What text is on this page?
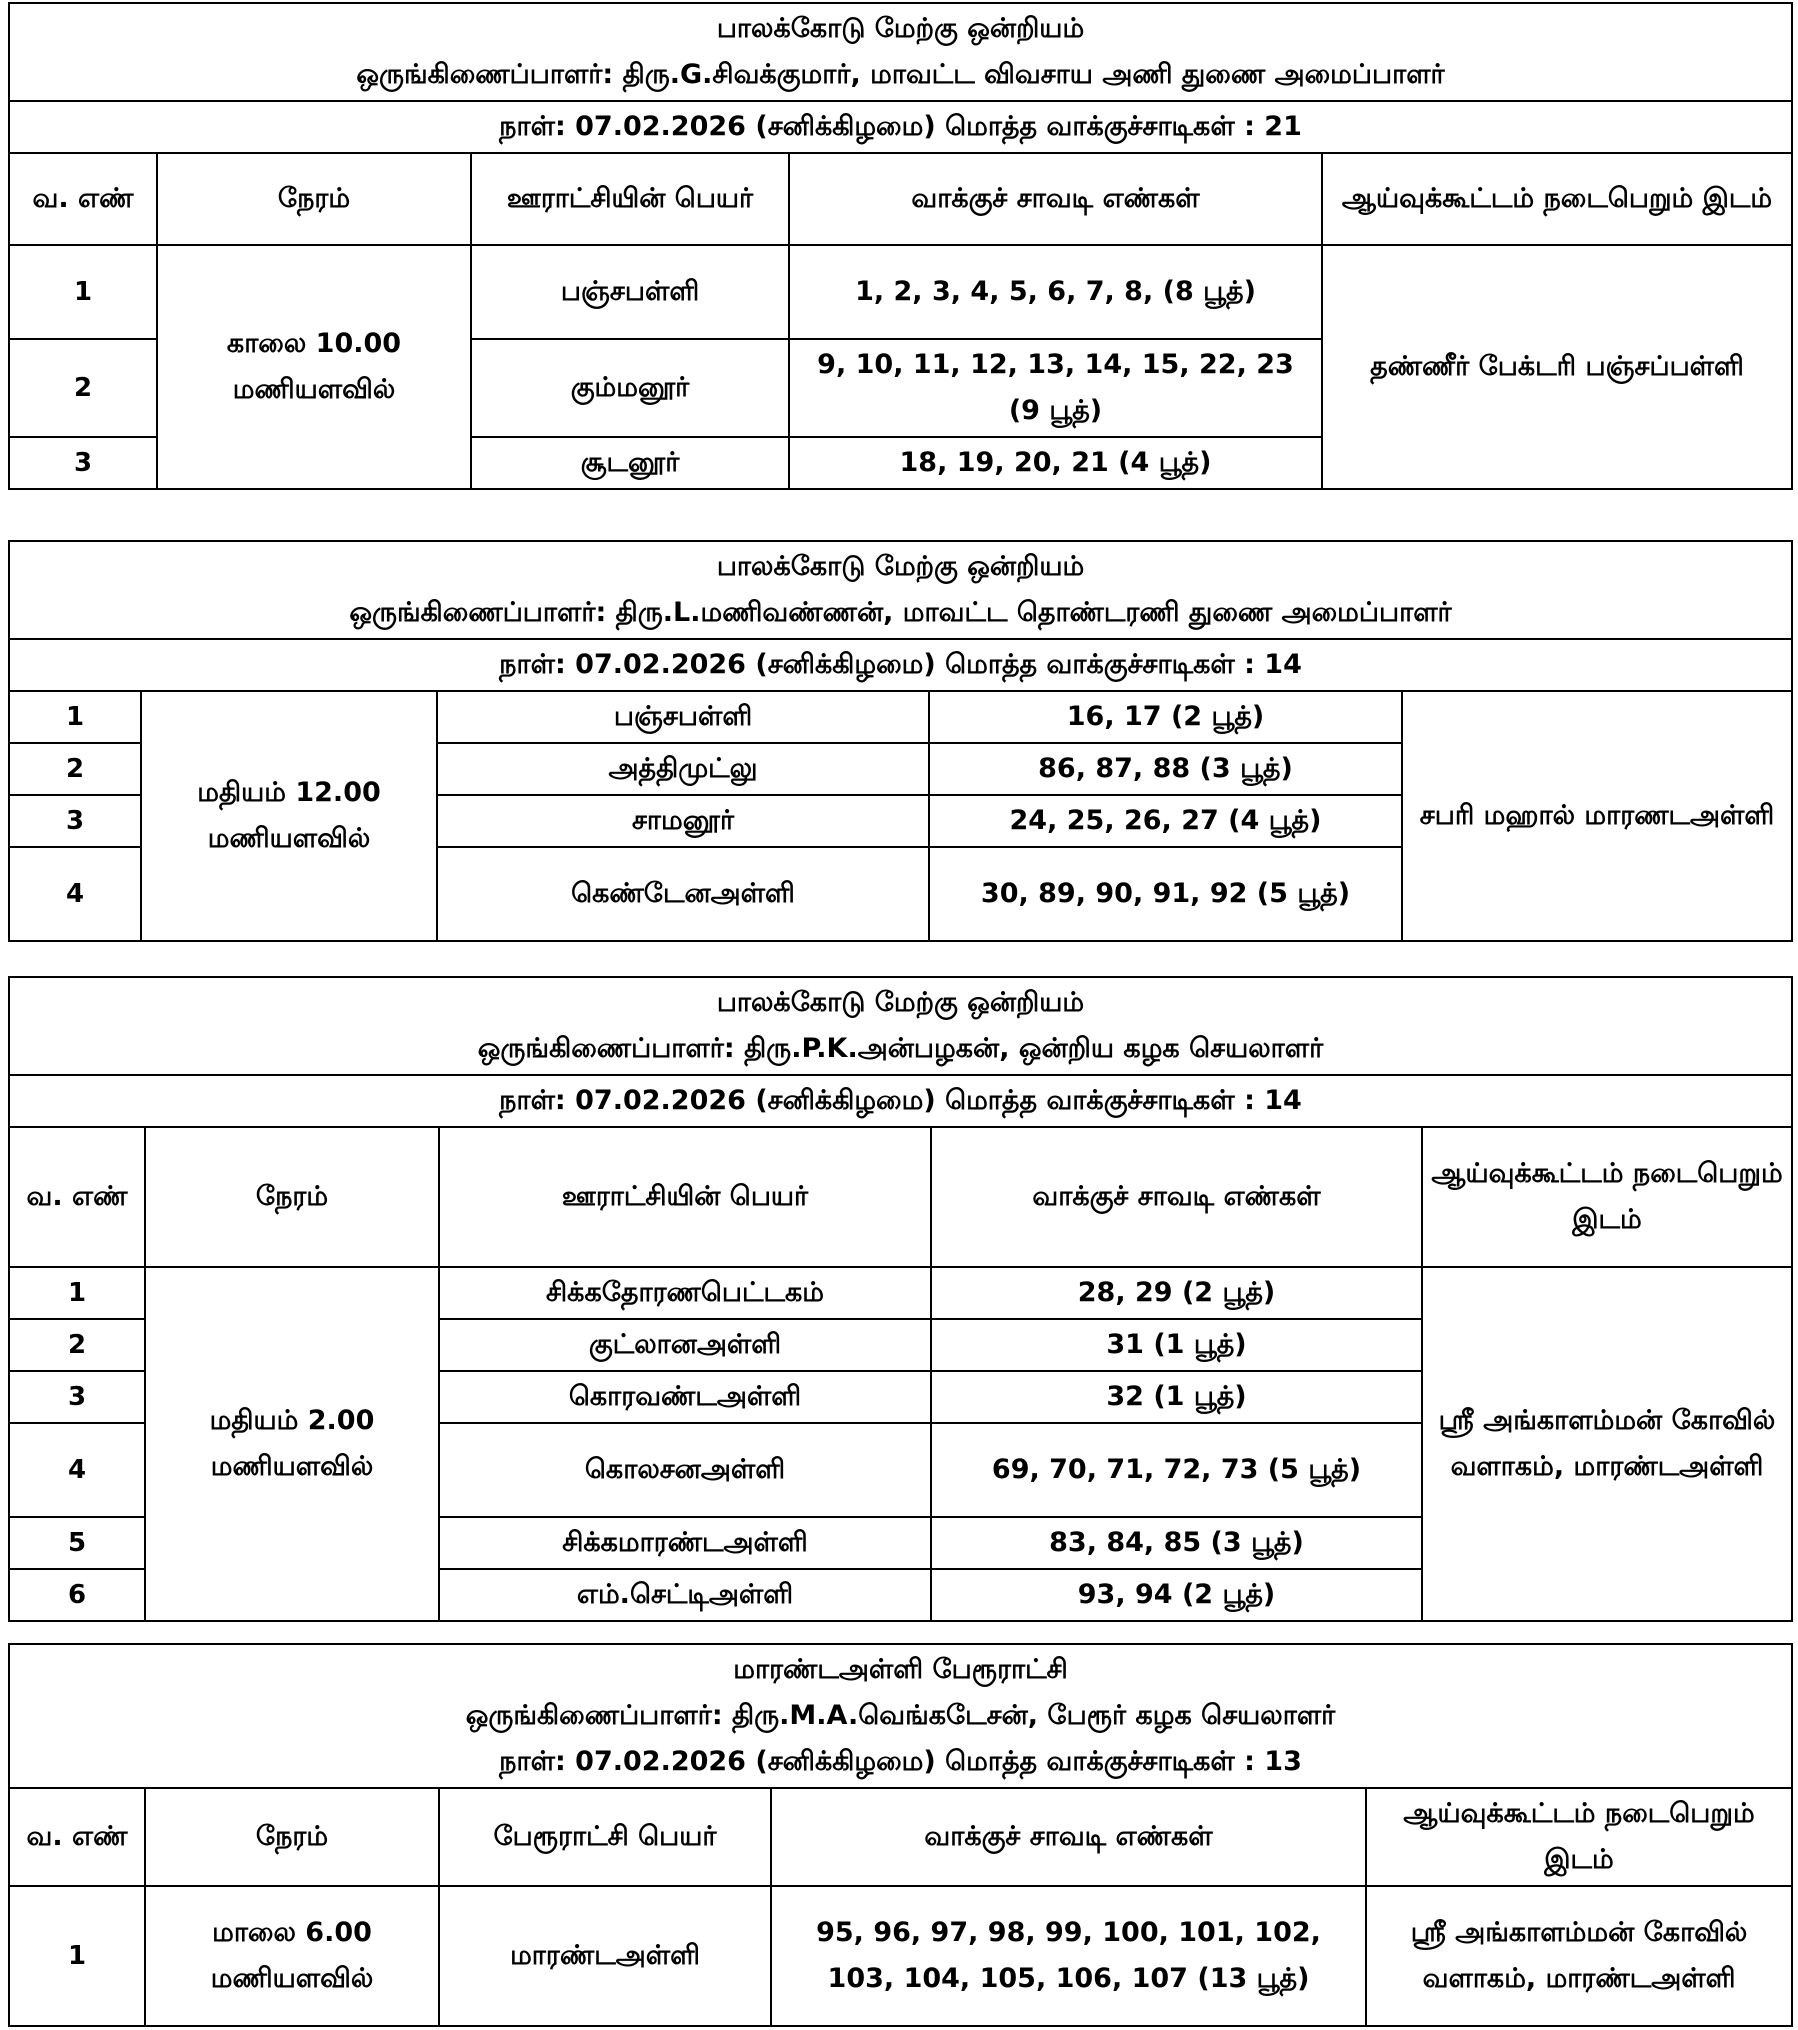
பாலக்கோடு மேற்கு ஒன்றியம்
ஒருங்கிணைப்பாளர்: திரு.G.சிவக்குமார், மாவட்ட விவசாய அணி துணை அமைப்பாளர்				

நாள்: 07.02.2026 (சனிக்கிழமை) மொத்த வாக்குச்சாடிகள் : 21				
வ. எண்	நேரம்	ஊராட்சியின் பெயர்	வாக்குச் சாவடி எண்கள்	ஆய்வுக்கூட்டம் நடைபெறும் இடம்
1	காலை 10.00 மணியளவில்	பஞ்சபள்ளி	1, 2, 3, 4, 5, 6, 7, 8, (8 பூத்)	தண்ணீர் பேக்டரி பஞ்சப்பள்ளி
2		கும்மனூர்	9, 10, 11, 12, 13, 14, 15, 22, 23 (9 பூத்)	
3		சூடனூர்	18, 19, 20, 21 (4 பூத்)	
பாலக்கோடு மேற்கு ஒன்றியம்
ஒருங்கிணைப்பாளர்: திரு.L.மணிவண்ணன், மாவட்ட தொண்டரணி துணை அமைப்பாளர்				

நாள்: 07.02.2026 (சனிக்கிழமை) மொத்த வாக்குச்சாடிகள் : 14				
1	மதியம் 12.00 மணியளவில்	பஞ்சபள்ளி	16, 17 (2 பூத்)	சபரி மஹால் மாரணடஅள்ளி
2		அத்திமுட்லு	86, 87, 88 (3 பூத்)	
3		சாமனூர்	24, 25, 26, 27 (4 பூத்)	
4		கெண்டேனஅள்ளி	30, 89, 90, 91, 92 (5 பூத்)	
பாலக்கோடு மேற்கு ஒன்றியம்
ஒருங்கிணைப்பாளர்: திரு.P.K.அன்பழகன், ஒன்றிய கழக செயலாளர்				

நாள்: 07.02.2026 (சனிக்கிழமை) மொத்த வாக்குச்சாடிகள் : 14				
வ. எண்	நேரம்	ஊராட்சியின் பெயர்	வாக்குச் சாவடி எண்கள்	ஆய்வுக்கூட்டம் நடைபெறும் இடம்
1	மதியம் 2.00 மணியளவில்	சிக்கதோரணபெட்டகம்	28, 29 (2 பூத்)	ஸ்ரீ அங்காளம்மன் கோவில் வளாகம், மாரண்டஅள்ளி
2		குட்லானஅள்ளி	31 (1 பூத்)	
3		கொரவண்டஅள்ளி	32 (1 பூத்)	
4		கொலசனஅள்ளி	69, 70, 71, 72, 73 (5 பூத்)	
5		சிக்கமாரண்டஅள்ளி	83, 84, 85 (3 பூத்)	
6		எம்.செட்டிஅள்ளி	93, 94 (2 பூத்)	
மாரண்டஅள்ளி பேரூராட்சி
ஒருங்கிணைப்பாளர்: திரு.M.A.வெங்கடேசன், பேரூர் கழக செயலாளர்
நாள்: 07.02.2026 (சனிக்கிழமை) மொத்த வாக்குச்சாடிகள் : 13				

வ. எண்	நேரம்	பேரூராட்சி பெயர்	வாக்குச் சாவடி எண்கள்	ஆய்வுக்கூட்டம் நடைபெறும் இடம்
1	மாலை 6.00 மணியளவில்	மாரண்டஅள்ளி	95, 96, 97, 98, 99, 100, 101, 102, 103, 104, 105, 106, 107 (13 பூத்)	ஸ்ரீ அங்காளம்மன் கோவில் வளாகம், மாரண்டஅள்ளி
